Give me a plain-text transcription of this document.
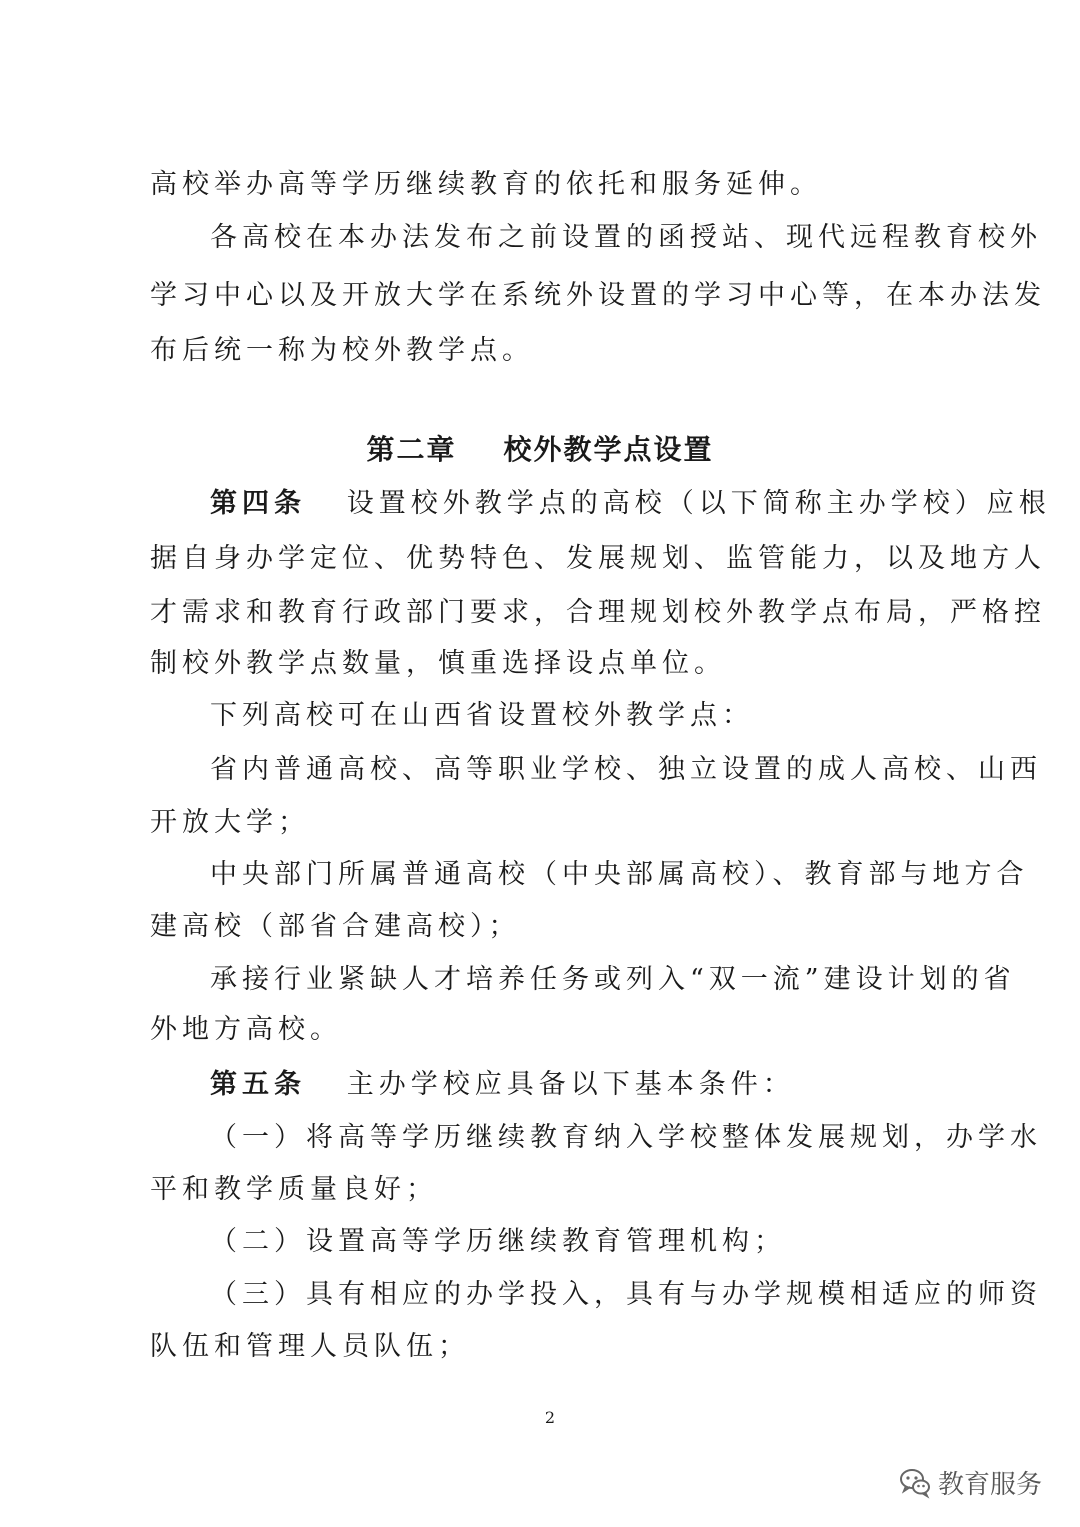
高校举办高等学历继续教育的依托和服务延伸。
各高校在本办法发布之前设置的函授站、现代远程教育校外
学习中心以及开放大学在系统外设置的学习中心等，在本办法发
布后统一称为校外教学点。
第二章 校外教学点设置
第四条 设置校外教学点的高校（以下简称主办学校）应根
据自身办学定位、优势特色、发展规划、监管能力，以及地方人
才需求和教育行政部门要求，合理规划校外教学点布局，严格控
制校外教学点数量，慎重选择设点单位。
下列高校可在山西省设置校外教学点：
省内普通高校、高等职业学校、独立设置的成人高校、山西
开放大学；
中央部门所属普通高校（中央部属高校）、教育部与地方合
建高校（部省合建高校）；
承接行业紧缺人才培养任务或列入“双一流”建设计划的省
外地方高校。
第五条 主办学校应具备以下基本条件：
（一）将高等学历继续教育纳入学校整体发展规划，办学水
平和教学质量良好；
（二）设置高等学历继续教育管理机构；
（三）具有相应的办学投入，具有与办学规模相适应的师资
队伍和管理人员队伍；
2
教育服务
